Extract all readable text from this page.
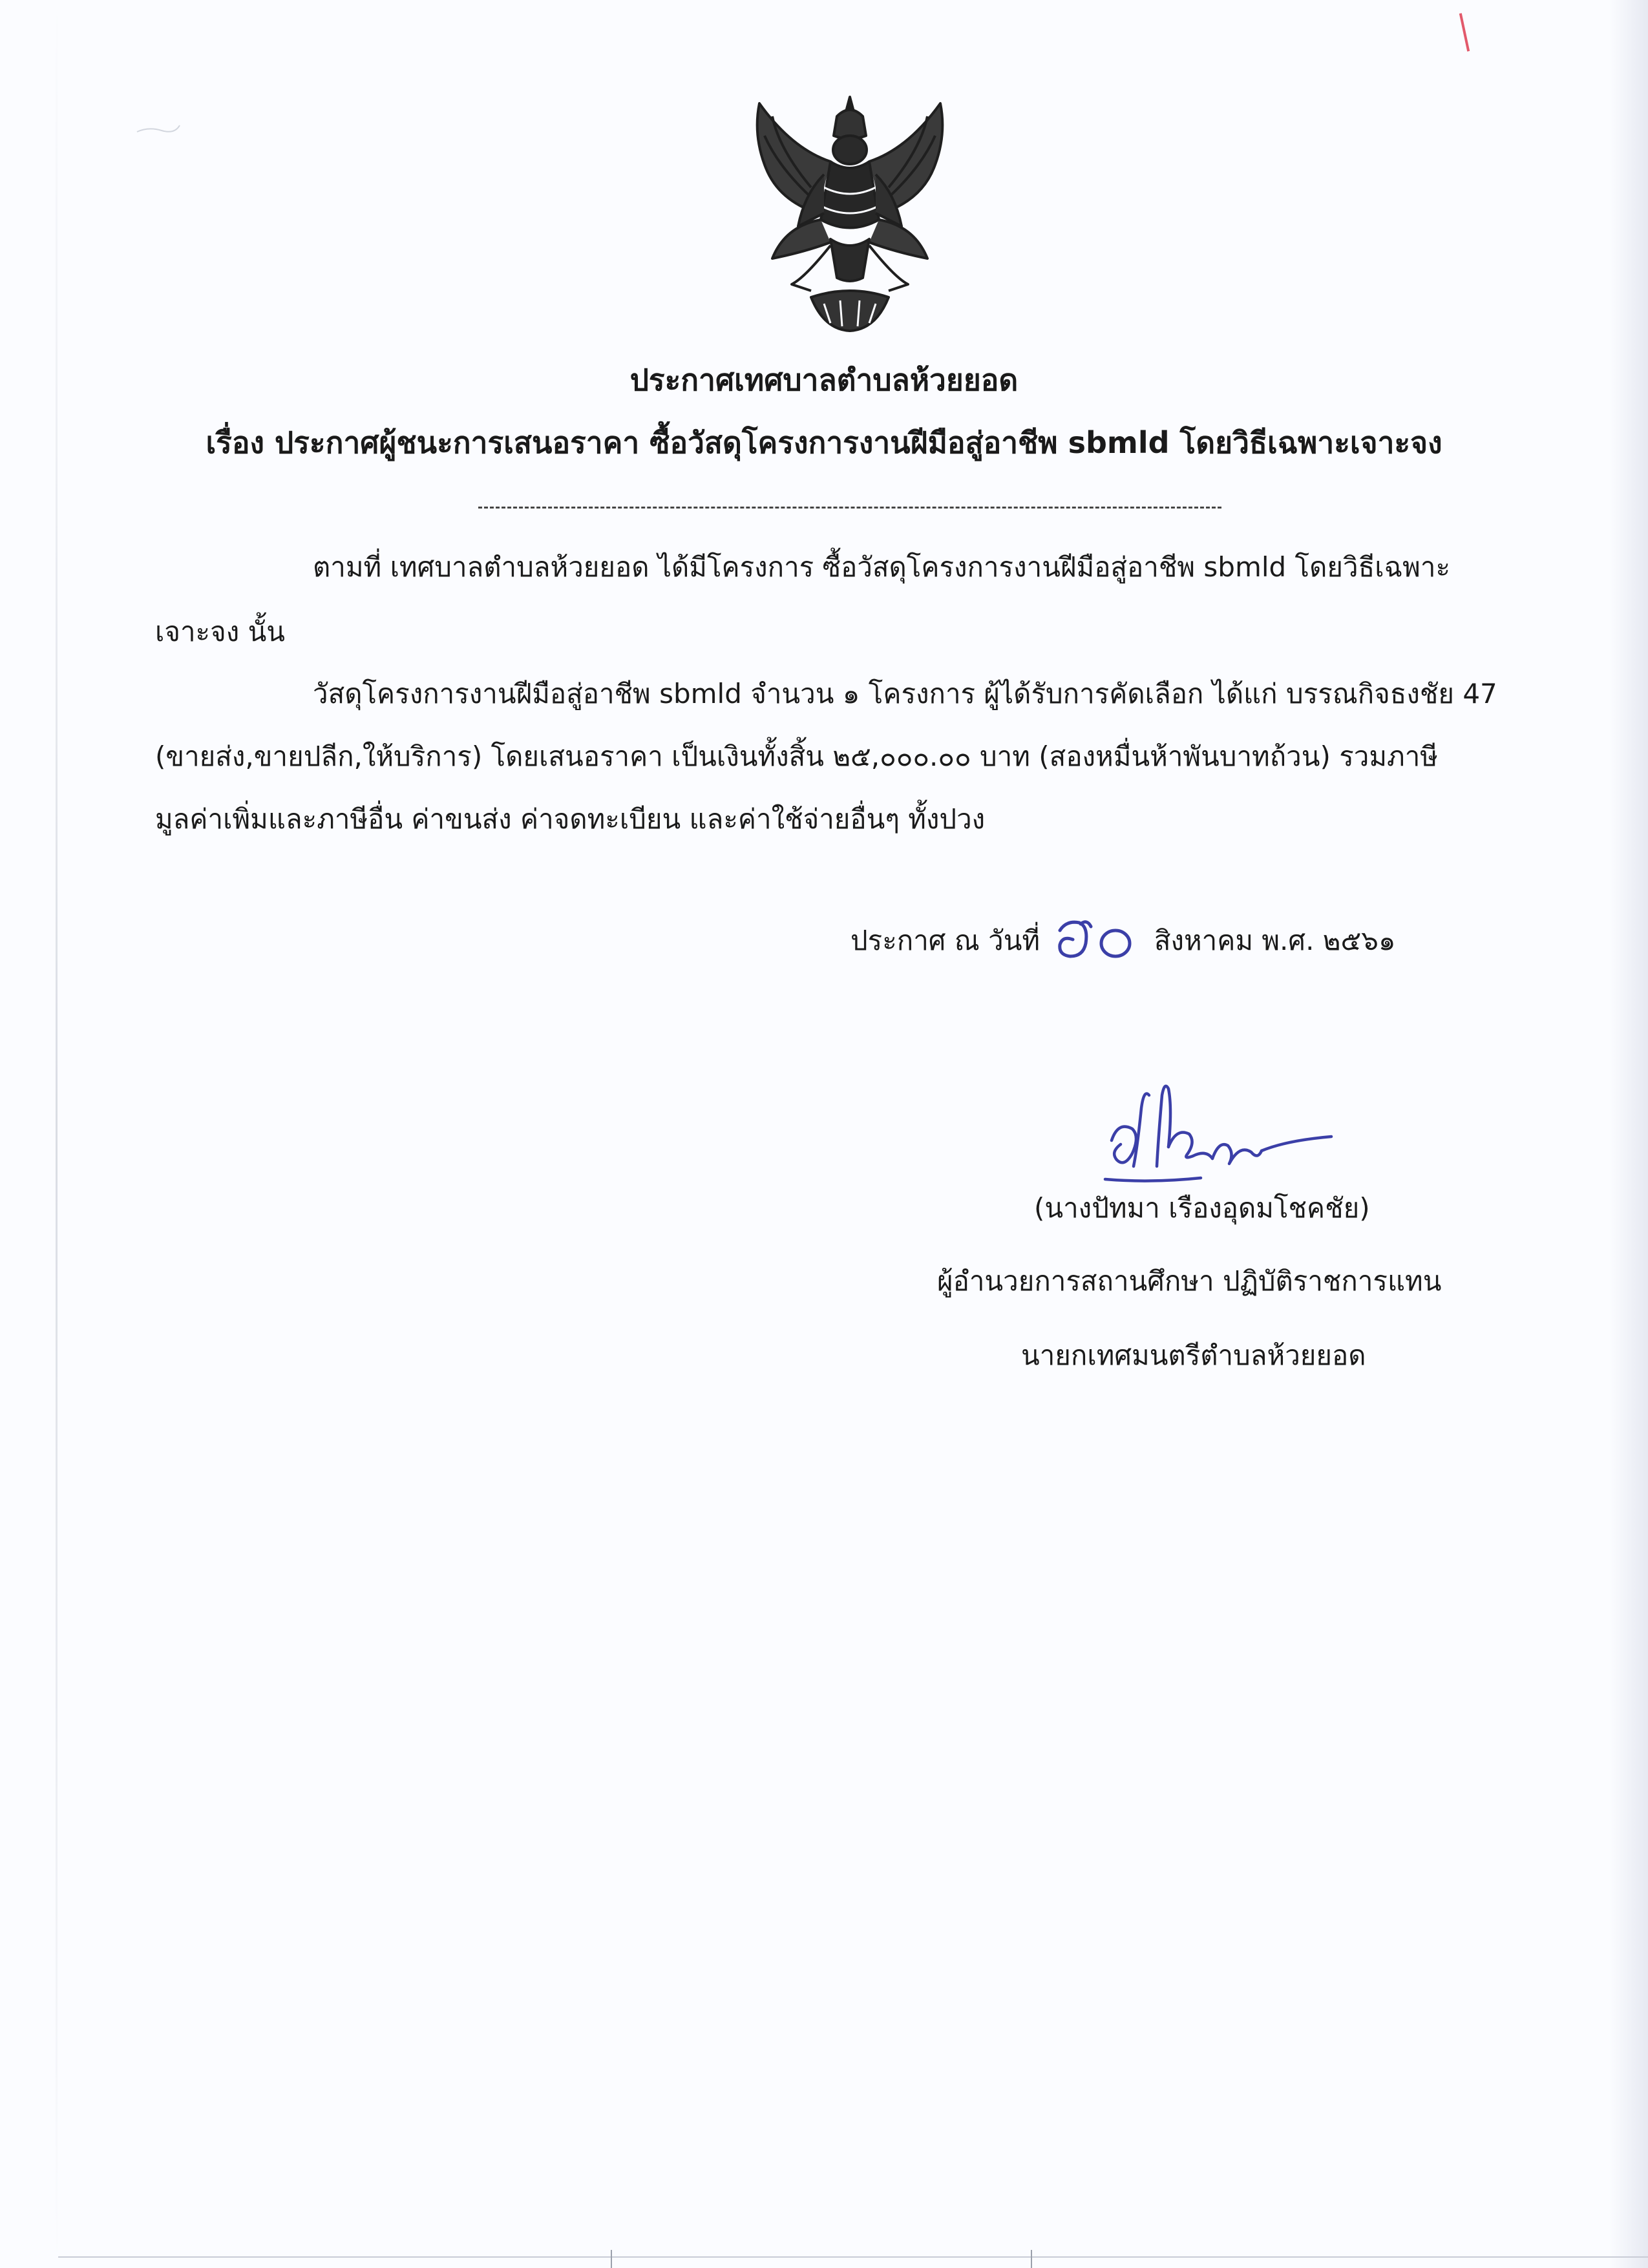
ประกาศเทศบาลตำบลห้วยยอด
เรื่อง ประกาศผู้ชนะการเสนอราคา ซื้อวัสดุโครงการงานฝีมือสู่อาชีพ sbmld โดยวิธีเฉพาะเจาะจง
ตามที่ เทศบาลตำบลห้วยยอด ได้มีโครงการ ซื้อวัสดุโครงการงานฝีมือสู่อาชีพ sbmld โดยวิธีเฉพาะ
เจาะจง นั้น
วัสดุโครงการงานฝีมือสู่อาชีพ sbmld จำนวน ๑ โครงการ ผู้ได้รับการคัดเลือก ได้แก่ บรรณกิจธงชัย 47
(ขายส่ง,ขายปลีก,ให้บริการ) โดยเสนอราคา เป็นเงินทั้งสิ้น ๒๕,๐๐๐.๐๐ บาท (สองหมื่นห้าพันบาทถ้วน) รวมภาษี
มูลค่าเพิ่มและภาษีอื่น ค่าขนส่ง ค่าจดทะเบียน และค่าใช้จ่ายอื่นๆ ทั้งปวง
ประกาศ ณ วันที่	สิงหาคม พ.ศ. ๒๕๖๑
(นางปัทมา เรืองอุดมโชคชัย)
ผู้อำนวยการสถานศึกษา ปฏิบัติราชการแทน
นายกเทศมนตรีตำบลห้วยยอด
